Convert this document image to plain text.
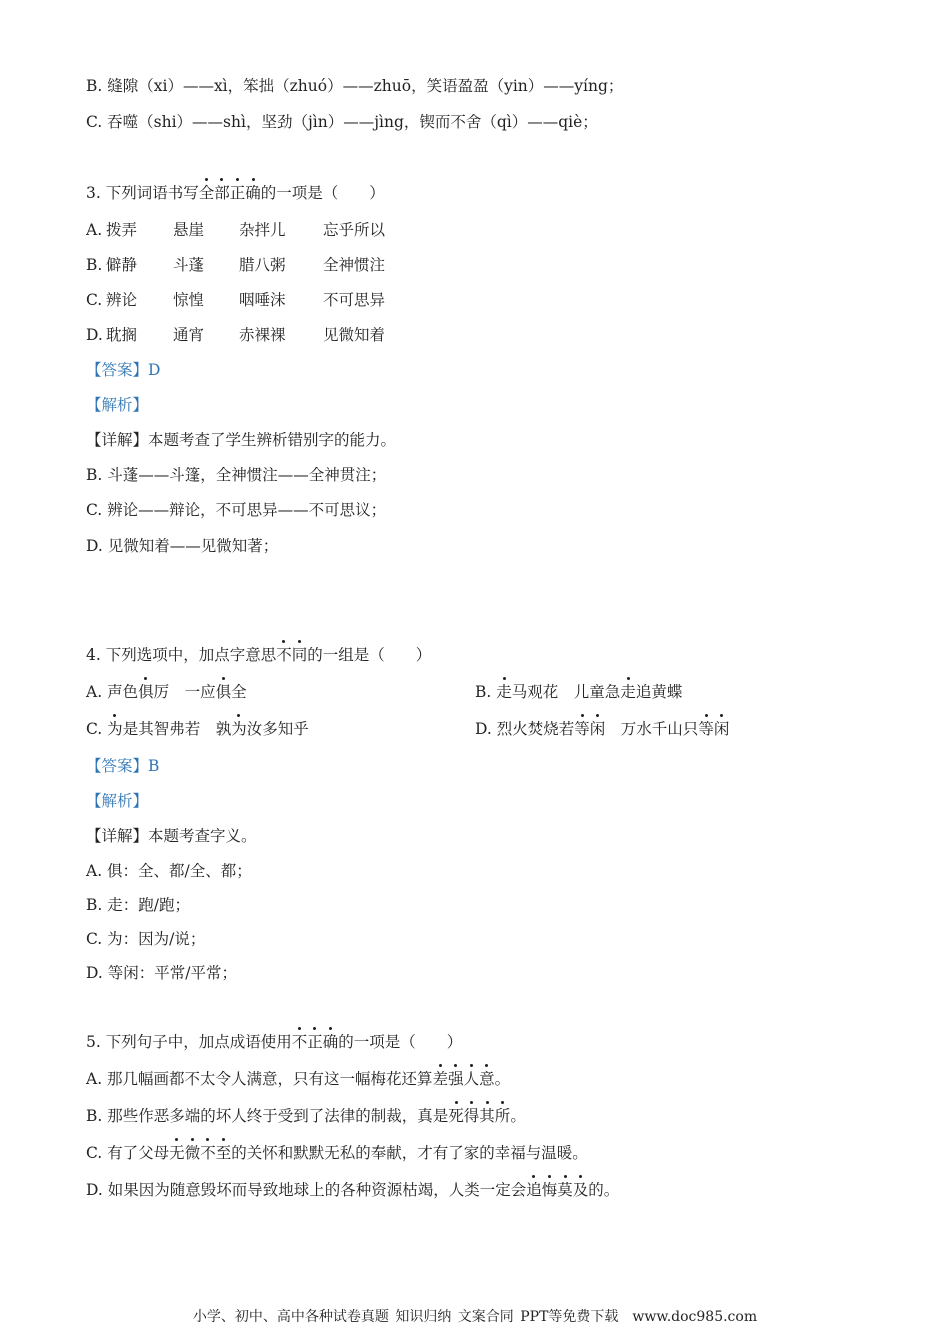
B. 缝隙（xi）——xì，笨拙（zhuó）——zhuō，笑语盈盈（yin）——yíng；
C. 吞噬（shi）——shì，坚劲（jìn）——jìng，锲而不舍（qì）——qiè；
3. 下列词语书写全部正确的一项是（　　）
A. 拨弄 悬崖 杂拌儿 忘乎所以
B. 僻静 斗蓬 腊八粥 全神惯注
C. 辨论 惊惶 咽唾沫 不可思异
D. 耽搁 通宵 赤裸裸 见微知着
【答案】D
【解析】
【详解】本题考查了学生辨析错别字的能力。
B. 斗蓬——斗篷，全神惯注——全神贯注；
C. 辨论——辩论，不可思异——不可思议；
D. 见微知着——见微知著；
4. 下列选项中，加点字意思不同的一组是（　　）
A. 声色俱厉　一应俱全	B. 走马观花　儿童急走追黄蝶
C. 为是其智弗若　孰为汝多知乎	D. 烈火焚烧若等闲　万水千山只等闲
【答案】B
【解析】
【详解】本题考查字义。
A. 俱：全、都/全、都；
B. 走：跑/跑；
C. 为：因为/说；
D. 等闲：平常/平常；
5. 下列句子中，加点成语使用不正确的一项是（　　）
A. 那几幅画都不太令人满意，只有这一幅梅花还算差强人意。
B. 那些作恶多端的坏人终于受到了法律的制裁，真是死得其所。
C. 有了父母无微不至的关怀和默默无私的奉献，才有了家的幸福与温暖。
D. 如果因为随意毁坏而导致地球上的各种资源枯竭，人类一定会追悔莫及的。
小学、初中、高中各种试卷真题 知识归纳 文案合同 PPT等免费下载　www.doc985.com
